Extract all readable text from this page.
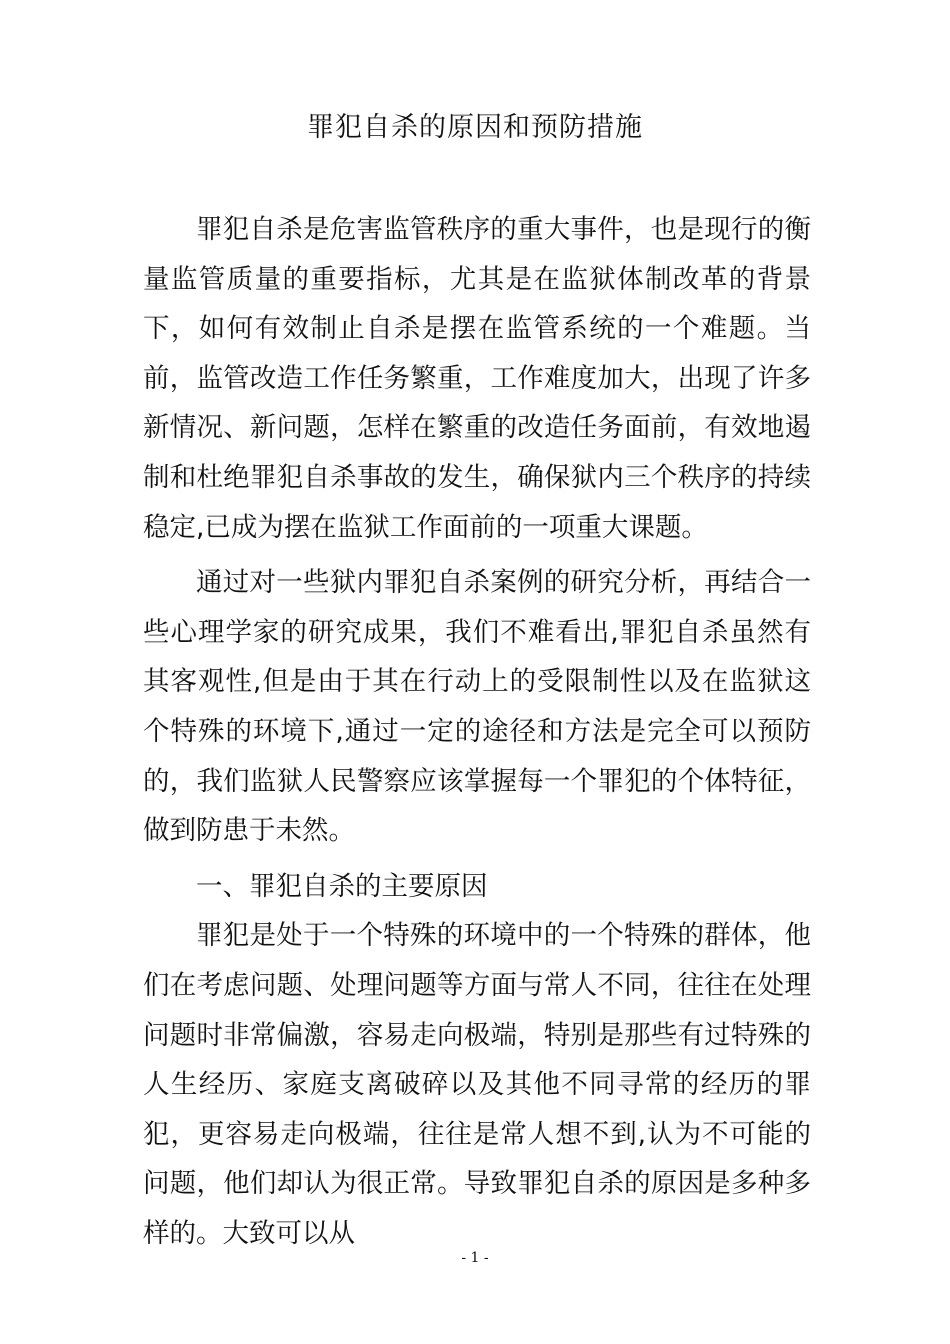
罪犯自杀的原因和预防措施

罪犯自杀是危害监管秩序的重大事件，也是现行的衡量监管质量的重要指标，尤其是在监狱体制改革的背景下，如何有效制止自杀是摆在监管系统的一个难题。当前，监管改造工作任务繁重，工作难度加大，出现了许多新情况、新问题，怎样在繁重的改造任务面前，有效地遏制和杜绝罪犯自杀事故的发生，确保狱内三个秩序的持续稳定,已成为摆在监狱工作面前的一项重大课题。

通过对一些狱内罪犯自杀案例的研究分析，再结合一些心理学家的研究成果，我们不难看出,罪犯自杀虽然有其客观性,但是由于其在行动上的受限制性以及在监狱这个特殊的环境下,通过一定的途径和方法是完全可以预防的，我们监狱人民警察应该掌握每一个罪犯的个体特征，做到防患于未然。

一、罪犯自杀的主要原因

罪犯是处于一个特殊的环境中的一个特殊的群体，他们在考虑问题、处理问题等方面与常人不同，往往在处理问题时非常偏激，容易走向极端，特别是那些有过特殊的人生经历、家庭支离破碎以及其他不同寻常的经历的罪犯，更容易走向极端，往往是常人想不到,认为不可能的问题，他们却认为很正常。导致罪犯自杀的原因是多种多样的。大致可以从

- 1 -
